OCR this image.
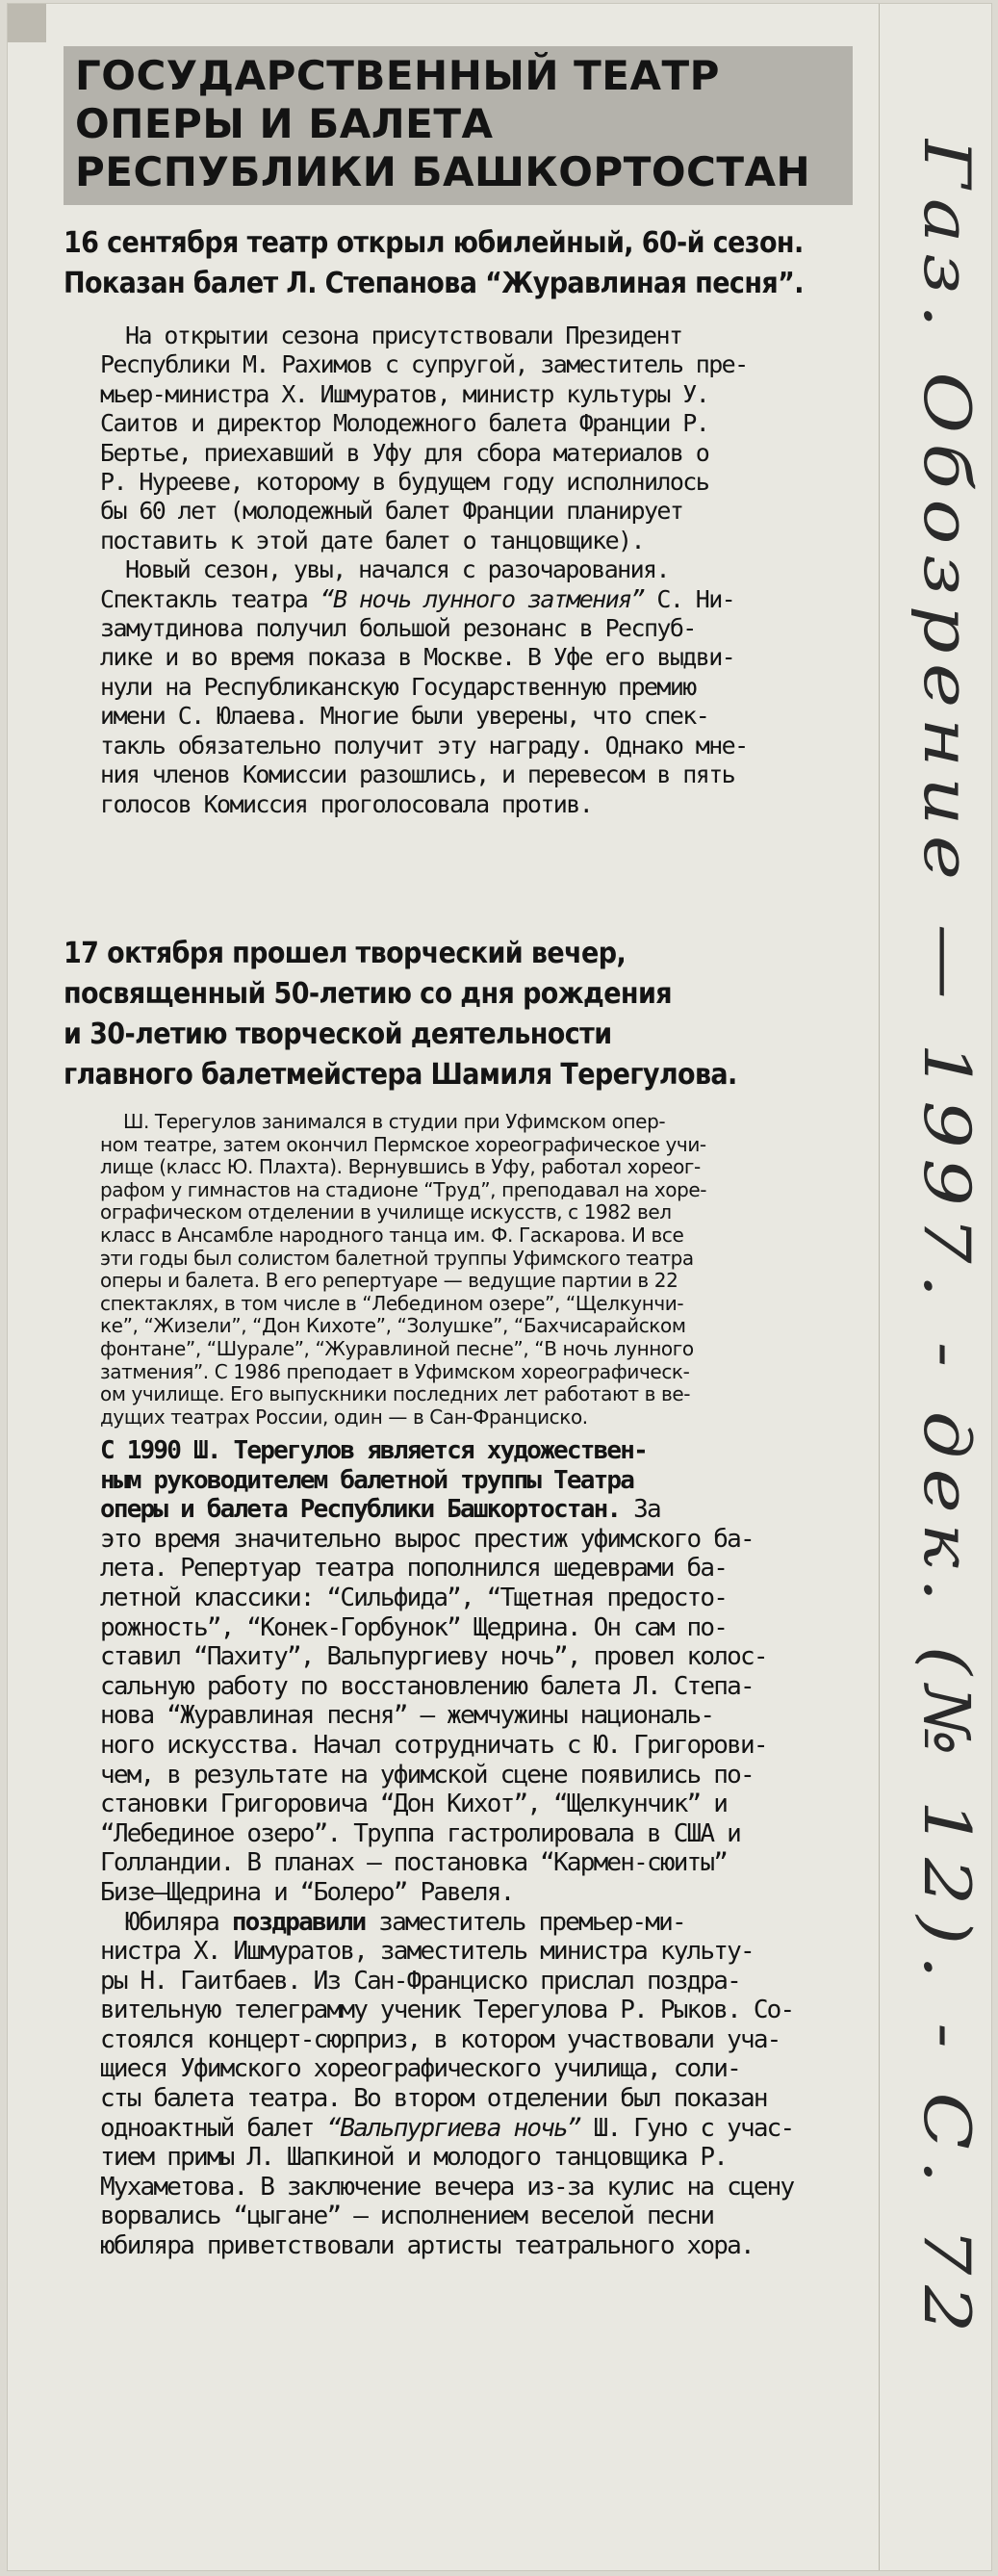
ГОСУДАРСТВЕННЫЙ ТЕАТР
ОПЕРЫ И БАЛЕТА
РЕСПУБЛИКИ БАШКОРТОСТАН
16 сентября театр открыл юбилейный, 60-й сезон.
Показан балет Л. Степанова “Журавлиная песня”.
На открытии сезона присутствовали Президент
Республики М. Рахимов с супругой, заместитель пре-
мьер-министра Х. Ишмуратов, министр культуры У.
Саитов и директор Молодежного балета Франции Р.
Бертье, приехавший в Уфу для сбора материалов о
Р. Нурееве, которому в будущем году исполнилось
бы 60 лет (молодежный балет Франции планирует
поставить к этой дате балет о танцовщике).
Новый сезон, увы, начался с разочарования.
Спектакль театра “В ночь лунного затмения” С. Ни-
замутдинова получил большой резонанс в Респуб-
лике и во время показа в Москве. В Уфе его выдви-
нули на Республиканскую Государственную премию
имени С. Юлаева. Многие были уверены, что спек-
такль обязательно получит эту награду. Однако мне-
ния членов Комиссии разошлись, и перевесом в пять
голосов Комиссия проголосовала против.
17 октября прошел творческий вечер,
посвященный 50-летию со дня рождения
и 30-летию творческой деятельности
главного балетмейстера Шамиля Терегулова.
Ш. Терегулов занимался в студии при Уфимском опер-
ном театре, затем окончил Пермское хореографическое учи-
лище (класс Ю. Плахта). Вернувшись в Уфу, работал хореог-
рафом у гимнастов на стадионе “Труд”, преподавал на хоре-
ографическом отделении в училище искусств, с 1982 вел
класс в Ансамбле народного танца им. Ф. Гаскарова. И все
эти годы был солистом балетной труппы Уфимского театра
оперы и балета. В его репертуаре — ведущие партии в 22
спектаклях, в том числе в “Лебедином озере”, “Щелкунчи-
ке”, “Жизели”, “Дон Кихоте”, “Золушке”, “Бахчисарайском
фонтане”, “Шурале”, “Журавлиной песне”, “В ночь лунного
затмения”. С 1986 преподает в Уфимском хореографическ-
ом училище. Его выпускники последних лет работают в ве-
дущих театрах России, один — в Сан-Франциско.
С 1990 Ш. Терегулов является художествен-
ным руководителем балетной труппы Театра
оперы и балета Республики Башкортостан. За
это время значительно вырос престиж уфимского ба-
лета. Репертуар театра пополнился шедеврами ба-
летной классики: “Сильфида”, “Тщетная предосто-
рожность”, “Конек-Горбунок” Щедрина. Он сам по-
ставил “Пахиту”, Вальпургиеву ночь”, провел колос-
сальную работу по восстановлению балета Л. Степа-
нова “Журавлиная песня” — жемчужины националь-
ного искусства. Начал сотрудничать с Ю. Григорови-
чем, в результате на уфимской сцене появились по-
становки Григоровича “Дон Кихот”, “Щелкунчик” и
“Лебединое озеро”. Труппа гастролировала в США и
Голландии. В планах — постановка “Кармен-сюиты”
Бизе—Щедрина и “Болеро” Равеля.
Юбиляра поздравили заместитель премьер-ми-
нистра Х. Ишмуратов, заместитель министра культу-
ры Н. Гаитбаев. Из Сан-Франциско прислал поздра-
вительную телеграмму ученик Терегулова Р. Рыков. Со-
стоялся концерт-сюрприз, в котором участвовали уча-
щиеся Уфимского хореографического училища, соли-
сты балета театра. Во втором отделении был показан
одноактный балет “Вальпургиева ночь” Ш. Гуно с учас-
тием примы Л. Шапкиной и молодого танцовщика Р.
Мухаметова. В заключение вечера из-за кулис на сцену
ворвались “цыгане” — исполнением веселой песни
юбиляра приветствовали артисты театрального хора.
Газ. Обозрение — 1997. - дек. (№ 12). - С. 72
